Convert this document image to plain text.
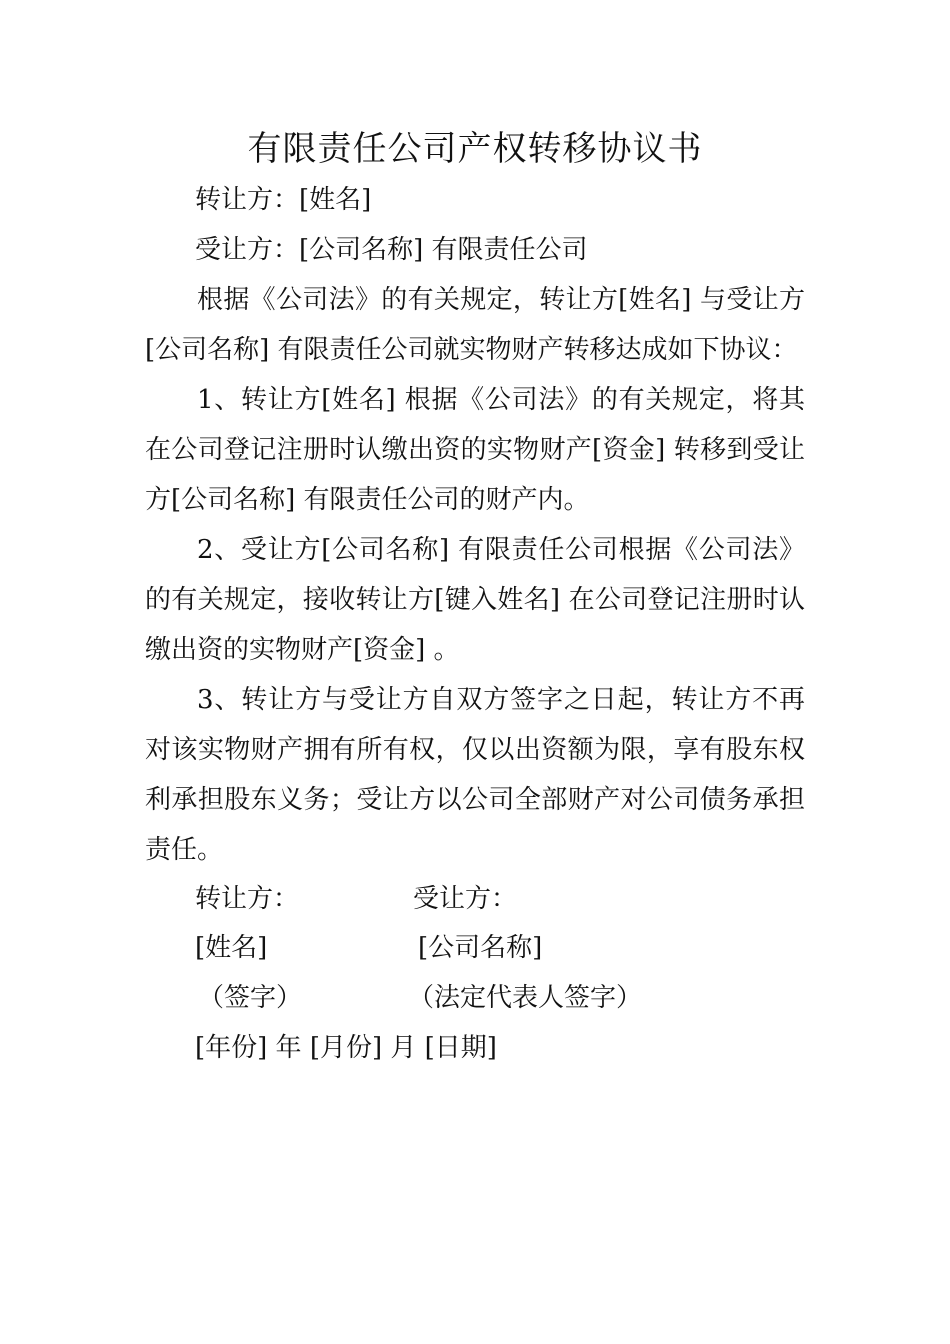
有限责任公司产权转移协议书
转让方：[姓名]
受让方：[公司名称] 有限责任公司
根据《公司法》的有关规定，转让方[姓名] 与受让方[公司名称] 有限责任公司就实物财产转移达成如下协议：
1、转让方[姓名] 根据《公司法》的有关规定，将其在公司登记注册时认缴出资的实物财产[资金] 转移到受让方[公司名称] 有限责任公司的财产内。
2、受让方[公司名称] 有限责任公司根据《公司法》的有关规定，接收转让方[键入姓名] 在公司登记注册时认缴出资的实物财产[资金] 。
3、转让方与受让方自双方签字之日起，转让方不再对该实物财产拥有所有权，仅以出资额为限，享有股东权利承担股东义务；受让方以公司全部财产对公司债务承担责任。
转让方：	受让方：
[姓名]	[公司名称]
（签字）	（法定代表人签字）
[年份] 年 [月份] 月 [日期]
